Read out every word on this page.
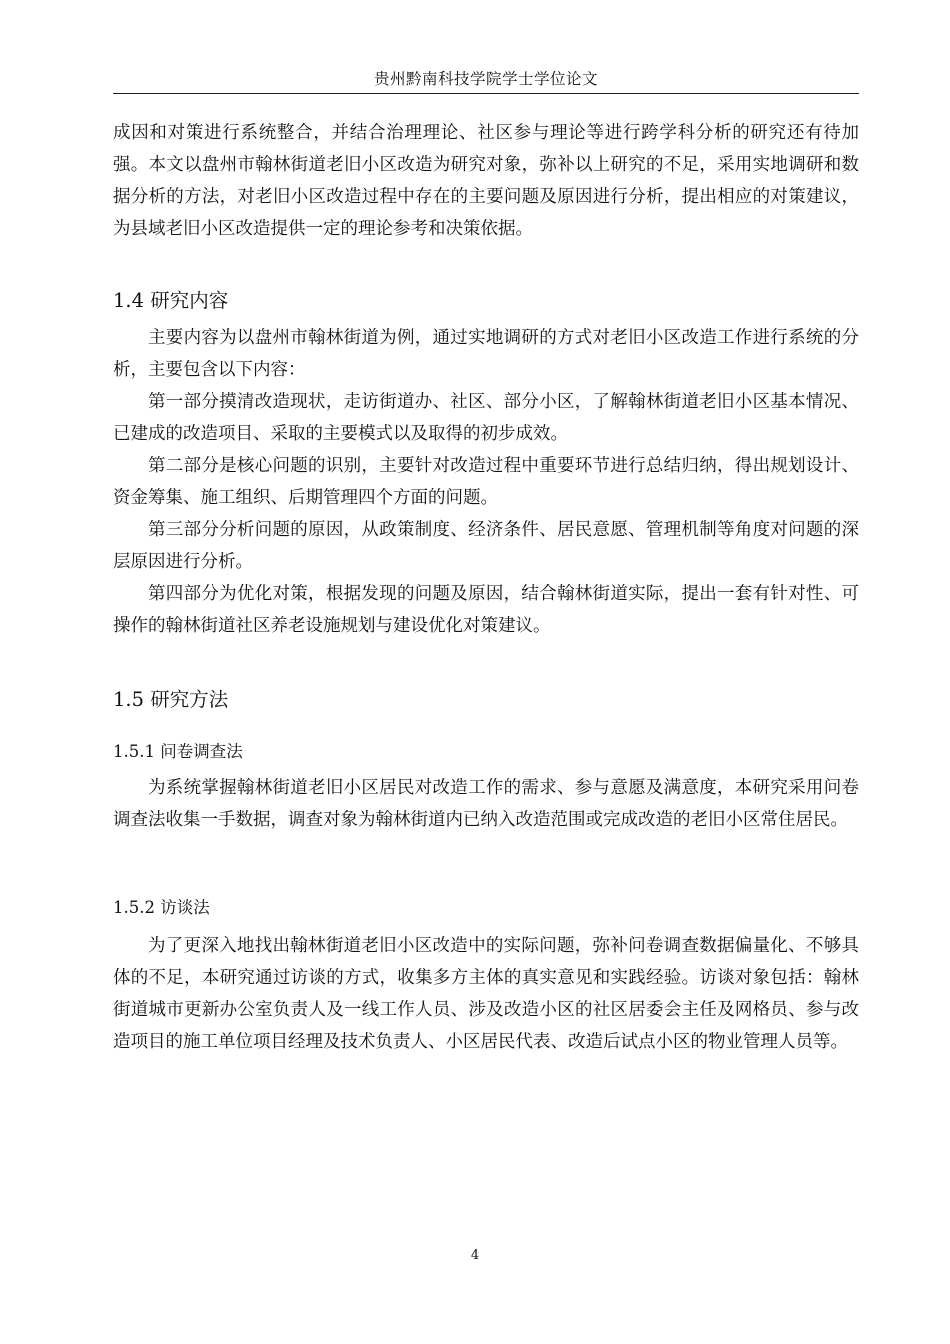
贵州黔南科技学院学士学位论文

成因和对策进行系统整合，并结合治理理论、社区参与理论等进行跨学科分析的研究还有待加强。本文以盘州市翰林街道老旧小区改造为研究对象，弥补以上研究的不足，采用实地调研和数据分析的方法，对老旧小区改造过程中存在的主要问题及原因进行分析，提出相应的对策建议，为县域老旧小区改造提供一定的理论参考和决策依据。

1.4 研究内容

主要内容为以盘州市翰林街道为例，通过实地调研的方式对老旧小区改造工作进行系统的分析，主要包含以下内容：

第一部分摸清改造现状，走访街道办、社区、部分小区，了解翰林街道老旧小区基本情况、已建成的改造项目、采取的主要模式以及取得的初步成效。

第二部分是核心问题的识别，主要针对改造过程中重要环节进行总结归纳，得出规划设计、资金筹集、施工组织、后期管理四个方面的问题。

第三部分分析问题的原因，从政策制度、经济条件、居民意愿、管理机制等角度对问题的深层原因进行分析。

第四部分为优化对策，根据发现的问题及原因，结合翰林街道实际，提出一套有针对性、可操作的翰林街道社区养老设施规划与建设优化对策建议。

1.5 研究方法
1.5.1 问卷调查法

为系统掌握翰林街道老旧小区居民对改造工作的需求、参与意愿及满意度，本研究采用问卷调查法收集一手数据，调查对象为翰林街道内已纳入改造范围或完成改造的老旧小区常住居民。

1.5.2 访谈法

为了更深入地找出翰林街道老旧小区改造中的实际问题，弥补问卷调查数据偏量化、不够具体的不足，本研究通过访谈的方式，收集多方主体的真实意见和实践经验。访谈对象包括：翰林街道城市更新办公室负责人及一线工作人员、涉及改造小区的社区居委会主任及网格员、参与改造项目的施工单位项目经理及技术负责人、小区居民代表、改造后试点小区的物业管理人员等。

4
